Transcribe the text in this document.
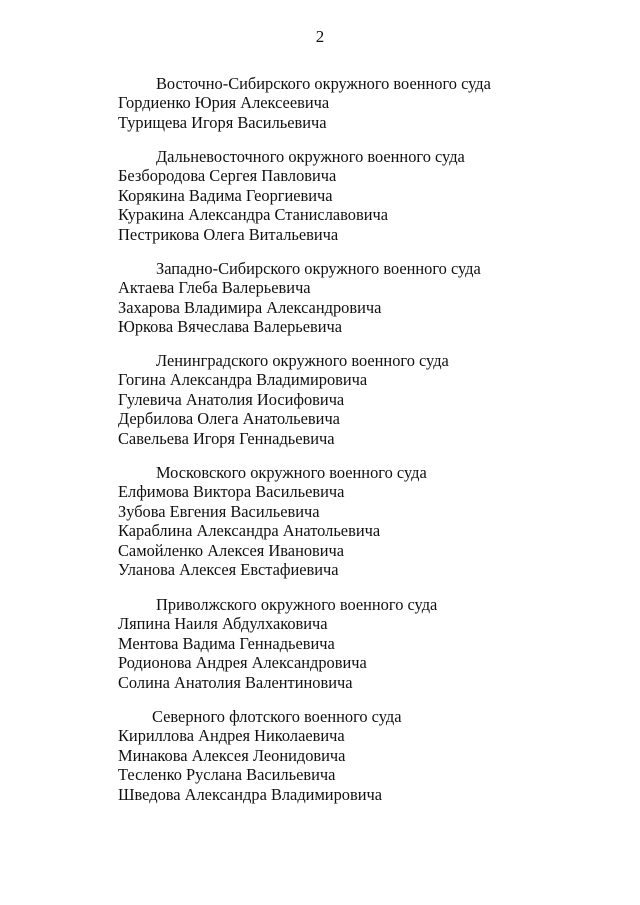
2
Восточно-Сибирского окружного военного суда
Гордиенко Юрия Алексеевича
Турищева Игоря Васильевича
Дальневосточного окружного военного суда
Безбородова Сергея Павловича
Корякина Вадима Георгиевича
Куракина Александра Станиславовича
Пестрикова Олега Витальевича
Западно-Сибирского окружного военного суда
Актаева Глеба Валерьевича
Захарова Владимира Александровича
Юркова Вячеслава Валерьевича
Ленинградского окружного военного суда
Гогина Александра Владимировича
Гулевича Анатолия Иосифовича
Дербилова Олега Анатольевича
Савельева Игоря Геннадьевича
Московского окружного военного суда
Елфимова Виктора Васильевича
Зубова Евгения Васильевича
Караблина Александра Анатольевича
Самойленко Алексея Ивановича
Уланова Алексея Евстафиевича
Приволжского окружного военного суда
Ляпина Наиля Абдулхаковича
Ментова Вадима Геннадьевича
Родионова Андрея Александровича
Солина Анатолия Валентиновича
Северного флотского военного суда
Кириллова Андрея Николаевича
Минакова Алексея Леонидовича
Тесленко Руслана Васильевича
Шведова Александра Владимировича
